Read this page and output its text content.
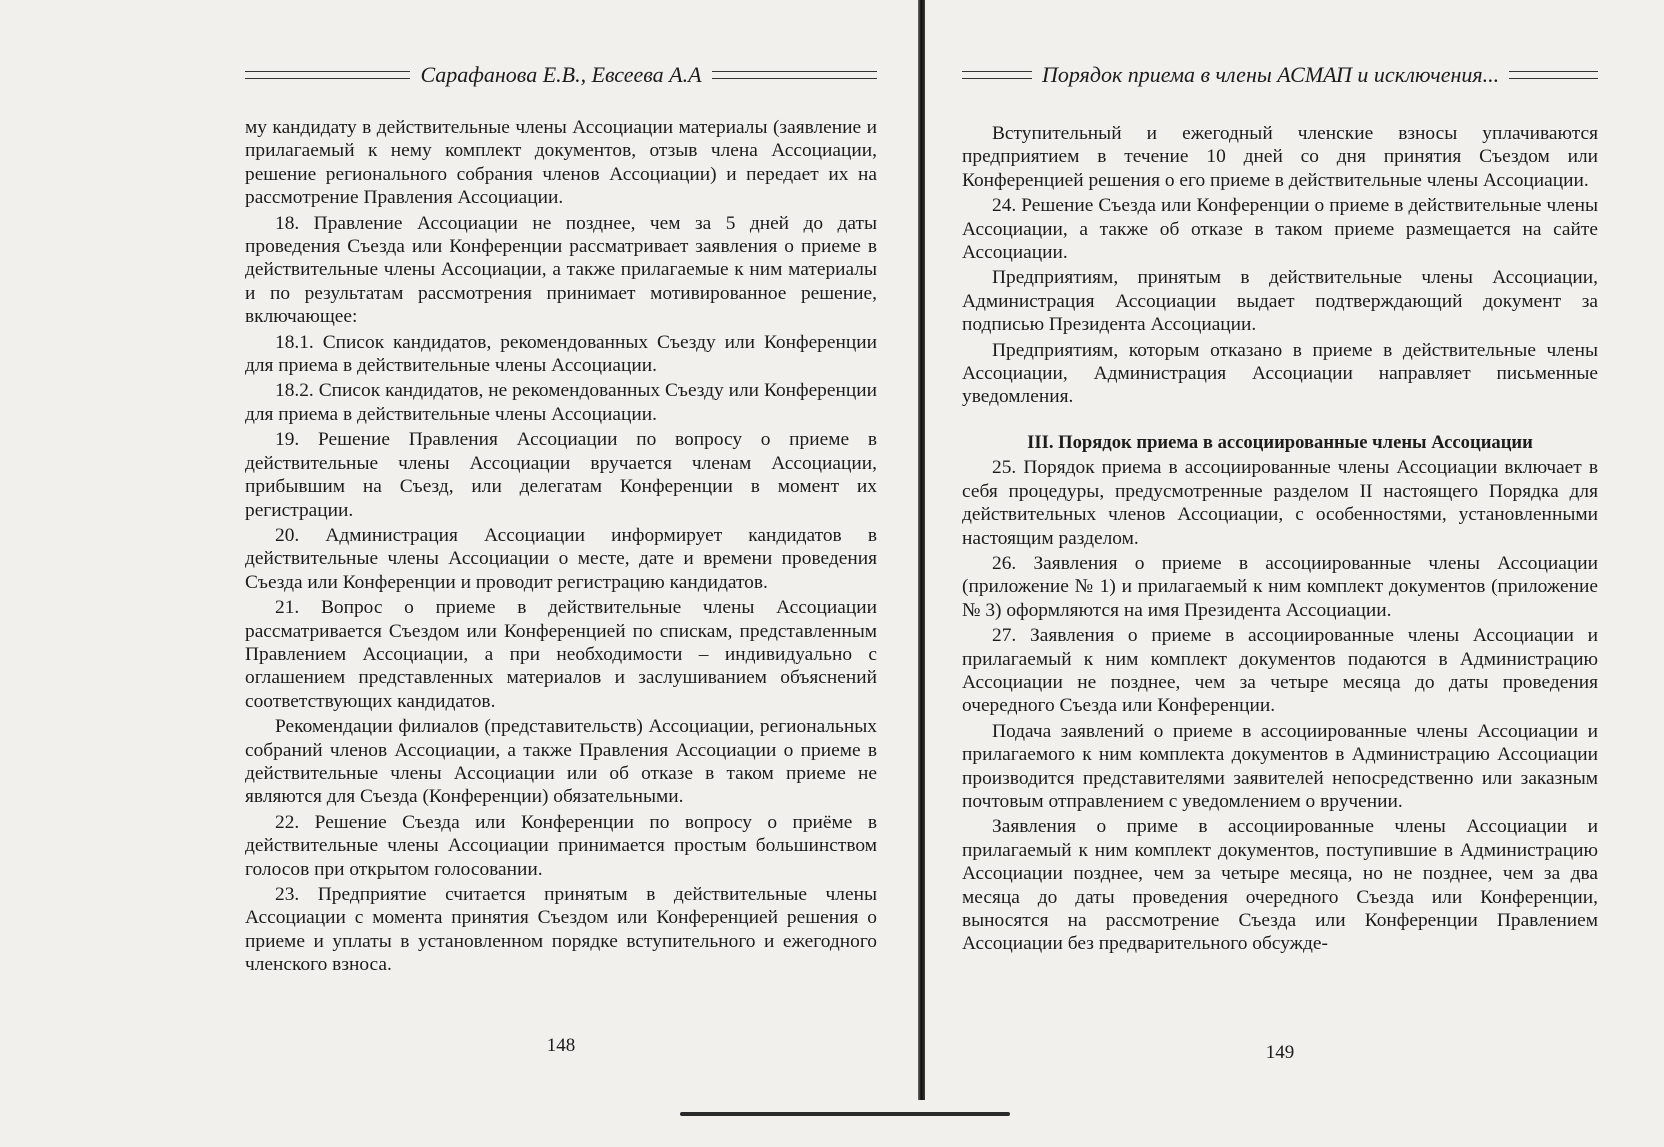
Сарафанова Е.В., Евсеева А.А

му кандидату в действительные члены Ассоциации материалы (заявление и прилагаемый к нему комплект документов, отзыв члена Ассоциации, решение регионального собрания членов Ассоциации) и передает их на рассмотрение Правления Ассоциации.

18. Правление Ассоциации не позднее, чем за 5 дней до даты проведения Съезда или Конференции рассматривает заявления о приеме в действительные члены Ассоциации, а также прилагаемые к ним материалы и по результатам рассмотрения принимает мотивированное решение, включающее:

18.1. Список кандидатов, рекомендованных Съезду или Конференции для приема в действительные члены Ассоциации.

18.2. Список кандидатов, не рекомендованных Съезду или Конференции для приема в действительные члены Ассоциации.

19. Решение Правления Ассоциации по вопросу о приеме в действительные члены Ассоциации вручается членам Ассоциации, прибывшим на Съезд, или делегатам Конференции в момент их регистрации.

20. Администрация Ассоциации информирует кандидатов в действительные члены Ассоциации о месте, дате и времени проведения Съезда или Конференции и проводит регистрацию кандидатов.

21. Вопрос о приеме в действительные члены Ассоциации рассматривается Съездом или Конференцией по спискам, представленным Правлением Ассоциации, а при необходимости – индивидуально с оглашением представленных материалов и заслушиванием объяснений соответствующих кандидатов.

Рекомендации филиалов (представительств) Ассоциации, региональных собраний членов Ассоциации, а также Правления Ассоциации о приеме в действительные члены Ассоциации или об отказе в таком приеме не являются для Съезда (Конференции) обязательными.

22. Решение Съезда или Конференции по вопросу о приёме в действительные члены Ассоциации принимается простым большинством голосов при открытом голосовании.

23. Предприятие считается принятым в действительные члены Ассоциации с момента принятия Съездом или Конференцией решения о приеме и уплаты в установленном порядке вступительного и ежегодного членского взноса.

148
Порядок приема в члены АСМАП и исключения...

Вступительный и ежегодный членские взносы уплачиваются предприятием в течение 10 дней со дня принятия Съездом или Конференцией решения о его приеме в действительные члены Ассоциации.

24. Решение Съезда или Конференции о приеме в действительные члены Ассоциации, а также об отказе в таком приеме размещается на сайте Ассоциации.

Предприятиям, принятым в действительные члены Ассоциации, Администрация Ассоциации выдает подтверждающий документ за подписью Президента Ассоциации.

Предприятиям, которым отказано в приеме в действительные члены Ассоциации, Администрация Ассоциации направляет письменные уведомления.

III. Порядок приема в ассоциированные члены Ассоциации

25. Порядок приема в ассоциированные члены Ассоциации включает в себя процедуры, предусмотренные разделом II настоящего Порядка для действительных членов Ассоциации, с особенностями, установленными настоящим разделом.

26. Заявления о приеме в ассоциированные члены Ассоциации (приложение № 1) и прилагаемый к ним комплект документов (приложение № 3) оформляются на имя Президента Ассоциации.

27. Заявления о приеме в ассоциированные члены Ассоциации и прилагаемый к ним комплект документов подаются в Администрацию Ассоциации не позднее, чем за четыре месяца до даты проведения очередного Съезда или Конференции.

Подача заявлений о приеме в ассоциированные члены Ассоциации и прилагаемого к ним комплекта документов в Администрацию Ассоциации производится представителями заявителей непосредственно или заказным почтовым отправлением с уведомлением о вручении.

Заявления о приме в ассоциированные члены Ассоциации и прилагаемый к ним комплект документов, поступившие в Администрацию Ассоциации позднее, чем за четыре месяца, но не позднее, чем за два месяца до даты проведения очередного Съезда или Конференции, выносятся на рассмотрение Съезда или Конференции Правлением Ассоциации без предварительного обсужде-

149
